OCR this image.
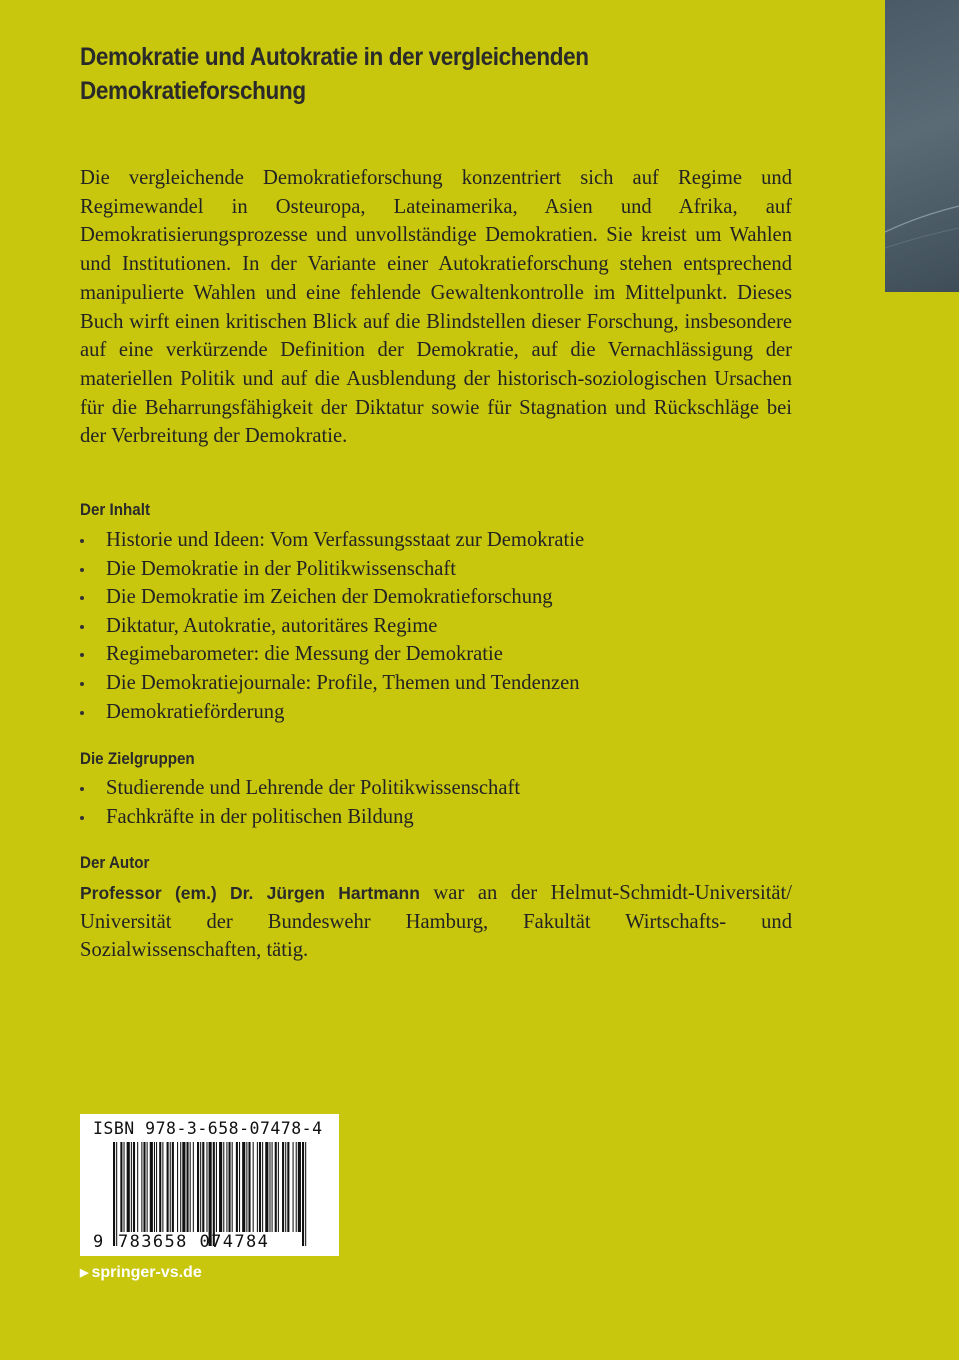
Demokratie und Autokratie in der vergleichenden Demokratieforschung

Die vergleichende Demokratieforschung konzentriert sich auf Regime und Regimewandel in Osteuropa, Lateinamerika, Asien und Afrika, auf Demokratisierungsprozesse und unvollständige Demokratien. Sie kreist um Wahlen und Institutionen. In der Variante einer Autokratieforschung stehen entsprechend manipulierte Wahlen und eine fehlende Gewaltenkontrolle im Mittelpunkt. Dieses Buch wirft einen kritischen Blick auf die Blindstellen dieser Forschung, insbesondere auf eine verkürzende Definition der Demokratie, auf die Vernachlässigung der materiellen Politik und auf die Ausblendung der historisch-soziologischen Ursachen für die Beharrungsfähigkeit der Diktatur sowie für Stagnation und Rückschläge bei der Verbreitung der Demokratie.

Der Inhalt
Historie und Ideen: Vom Verfassungsstaat zur Demokratie
Die Demokratie in der Politikwissenschaft
Die Demokratie im Zeichen der Demokratieforschung
Diktatur, Autokratie, autoritäres Regime
Regimebarometer: die Messung der Demokratie
Die Demokratiejournale: Profile, Themen und Tendenzen
Demokratieförderung
Die Zielgruppen
Studierende und Lehrende der Politikwissenschaft
Fachkräfte in der politischen Bildung
Der Autor

Professor (em.) Dr. Jürgen Hartmann war an der Helmut-Schmidt-Universität/ Universität der Bundeswehr Hamburg, Fakultät Wirtschafts- und Sozialwissenschaften, tätig.

ISBN 978-3-658-07478-4
9 783658 074784
▶ springer-vs.de
